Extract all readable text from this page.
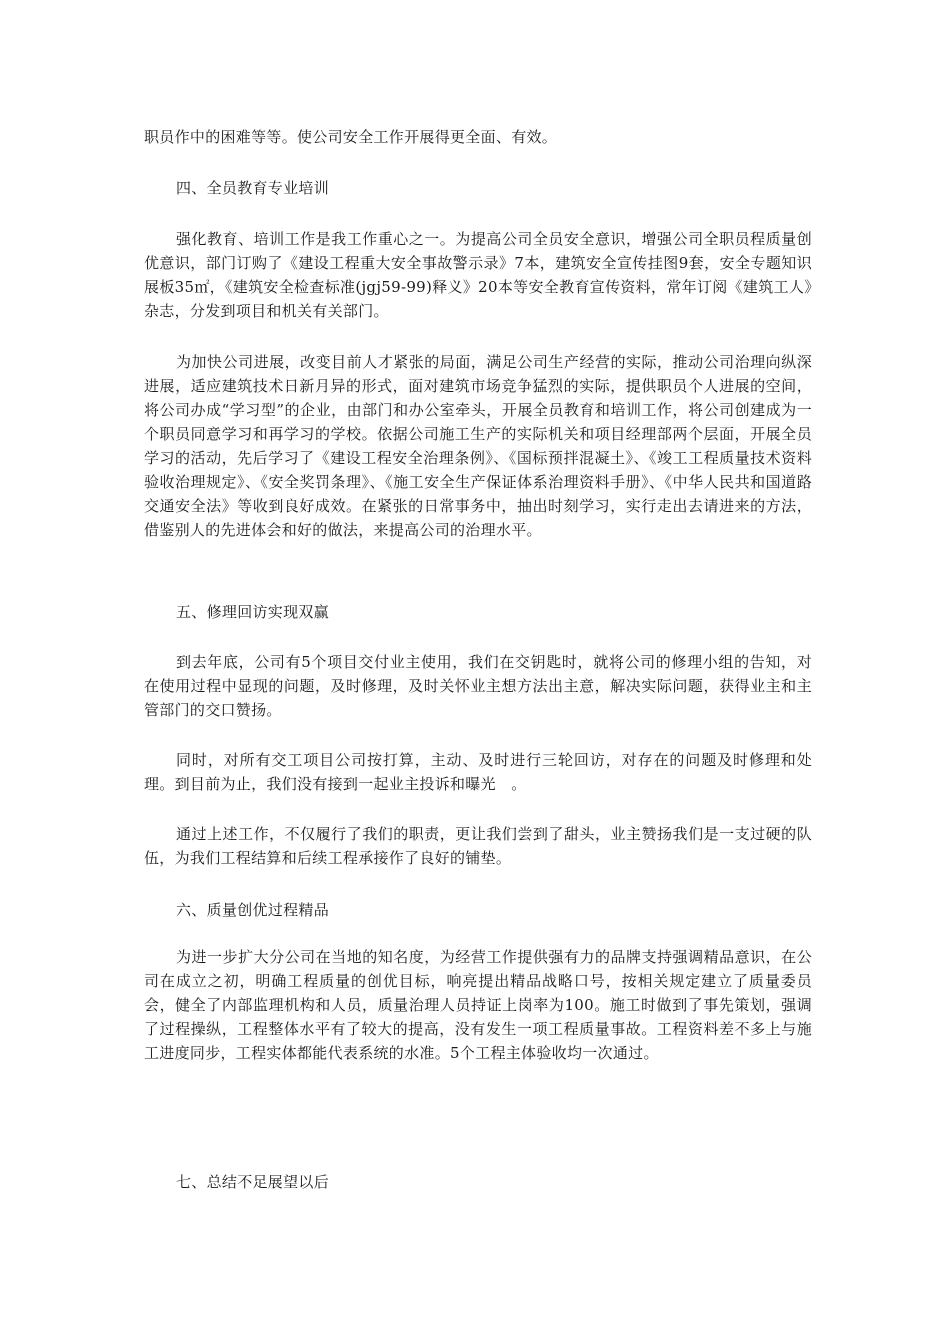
职员作中的困难等等。使公司安全工作开展得更全面、有效。

四、全员教育专业培训

强化教育、培训工作是我工作重心之一。为提高公司全员安全意识，增强公司全职员程质量创优意识，部门订购了《建设工程重大安全事故警示录》7本，建筑安全宣传挂图9套，安全专题知识展板35㎡，《建筑安全检查标准(jgj59-99)释义》20本等安全教育宣传资料，常年订阅《建筑工人》杂志，分发到项目和机关有关部门。

为加快公司进展，改变目前人才紧张的局面，满足公司生产经营的实际，推动公司治理向纵深进展，适应建筑技术日新月异的形式，面对建筑市场竞争猛烈的实际，提供职员个人进展的空间，将公司办成“学习型”的企业，由部门和办公室牵头，开展全员教育和培训工作，将公司创建成为一个职员同意学习和再学习的学校。依据公司施工生产的实际机关和项目经理部两个层面，开展全员学习的活动，先后学习了《建设工程安全治理条例》、《国标预拌混凝土》、《竣工工程质量技术资料验收治理规定》、《安全奖罚条理》、《施工安全生产保证体系治理资料手册》、《中华人民共和国道路交通安全法》等收到良好成效。在紧张的日常事务中，抽出时刻学习，实行走出去请进来的方法，借鉴别人的先进体会和好的做法，来提高公司的治理水平。

五、修理回访实现双赢

到去年底，公司有5个项目交付业主使用，我们在交钥匙时，就将公司的修理小组的告知，对在使用过程中显现的问题，及时修理，及时关怀业主想方法出主意，解决实际问题，获得业主和主管部门的交口赞扬。

同时，对所有交工项目公司按打算，主动、及时进行三轮回访，对存在的问题及时修理和处理。到目前为止，我们没有接到一起业主投诉和曝光　。

通过上述工作，不仅履行了我们的职责，更让我们尝到了甜头，业主赞扬我们是一支过硬的队伍，为我们工程结算和后续工程承接作了良好的铺垫。

六、质量创优过程精品

为进一步扩大分公司在当地的知名度，为经营工作提供强有力的品牌支持强调精品意识，在公司在成立之初，明确工程质量的创优目标，响亮提出精品战略口号，按相关规定建立了质量委员会，健全了内部监理机构和人员，质量治理人员持证上岗率为100。施工时做到了事先策划，强调了过程操纵，工程整体水平有了较大的提高，没有发生一项工程质量事故。工程资料差不多上与施工进度同步，工程实体都能代表系统的水准。5个工程主体验收均一次通过。

七、总结不足展望以后
